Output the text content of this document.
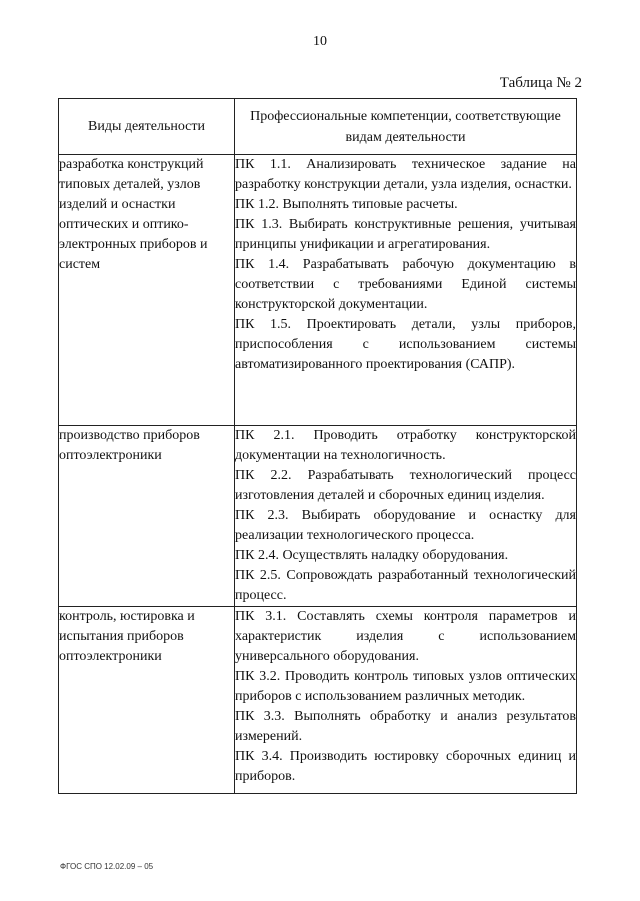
10
Таблица № 2
Виды деятельности	Профессиональные компетенции, соответствующие видам деятельности
разработка конструкций типовых деталей, узлов изделий и оснастки оптических и оптико-электронных приборов и систем	ПК 1.1. Анализировать техническое задание на разработку конструкции детали, узла изделия, оснастки.

ПК 1.2. Выполнять типовые расчеты.

ПК 1.3. Выбирать конструктивные решения, учитывая принципы унификации и агрегатирования.

ПК 1.4. Разрабатывать рабочую документацию в соответствии с требованиями Единой системы конструкторской документации.

ПК 1.5. Проектировать детали, узлы приборов, приспособления с использованием системы автоматизированного проектирования (САПР).

производство приборов оптоэлектроники	ПК 2.1. Проводить отработку конструкторской документации на технологичность.

ПК 2.2. Разрабатывать технологический процесс изготовления деталей и сборочных единиц изделия.

ПК 2.3. Выбирать оборудование и оснастку для реализации технологического процесса.

ПК 2.4. Осуществлять наладку оборудования.

ПК 2.5. Сопровождать разработанный технологический процесс.

контроль, юстировка и испытания приборов оптоэлектроники	ПК 3.1. Составлять схемы контроля параметров и характеристик изделия с использованием универсального оборудования.

ПК 3.2. Проводить контроль типовых узлов оптических приборов с использованием различных методик.

ПК 3.3. Выполнять обработку и анализ результатов измерений.

ПК 3.4. Производить юстировку сборочных единиц и приборов.

ФГОС СПО 12.02.09 – 05
